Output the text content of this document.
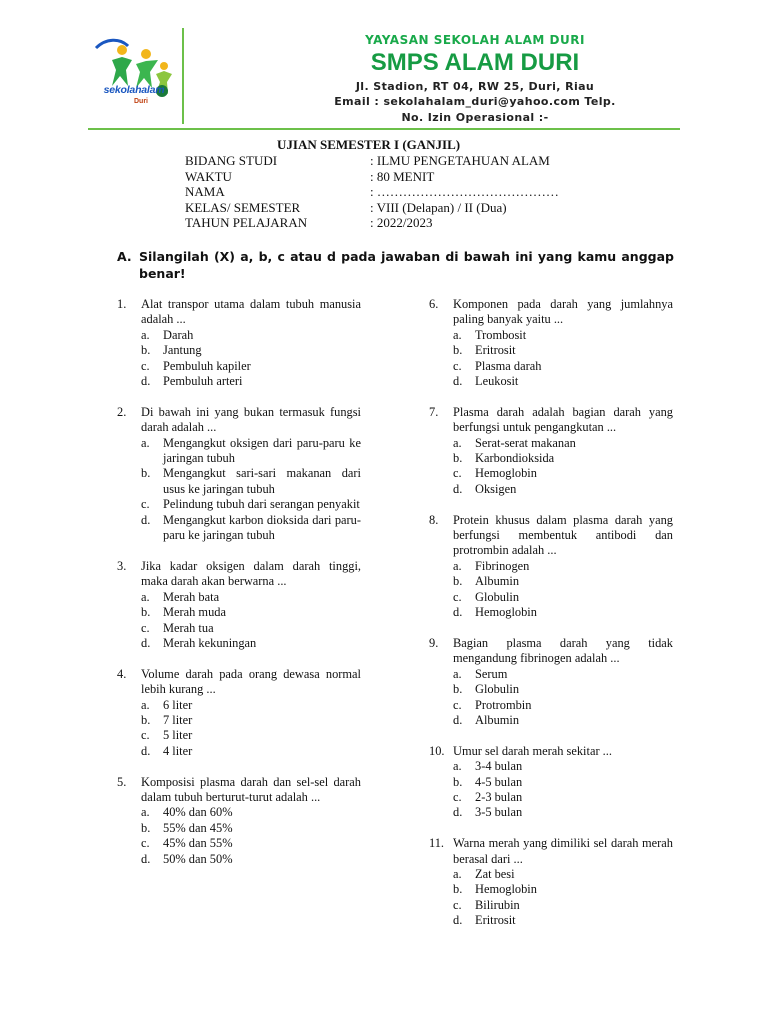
sekolahalam
Duri
YAYASAN SEKOLAH ALAM DURI
SMPS ALAM DURI
Jl. Stadion, RT 04, RW 25, Duri, Riau
Email : sekolahalam_duri@yahoo.com Telp.
No. Izin Operasional :-
UJIAN SEMESTER I (GANJIL)
BIDANG STUDI	: ILMU PENGETAHUAN ALAM
WAKTU	: 80 MENIT
NAMA	: ……………………………………
KELAS/ SEMESTER	: VIII (Delapan) / II (Dua)
TAHUN PELAJARAN	: 2022/2023
A. Silangilah (X) a, b, c atau d pada jawaban di bawah ini yang kamu anggap benar!
1.	Alat transpor utama dalam tubuh manusia adalah ...
a.	Darah
b.	Jantung
c.	Pembuluh kapiler
d.	Pembuluh arteri
2.	Di bawah ini yang bukan termasuk fungsi darah adalah ...
a.	Mengangkut oksigen dari paru-paru ke jaringan tubuh
b.	Mengangkut sari-sari makanan dari usus ke jaringan tubuh
c.	Pelindung tubuh dari serangan penyakit
d.	Mengangkut karbon dioksida dari paru-paru ke jaringan tubuh
3.	Jika kadar oksigen dalam darah tinggi, maka darah akan berwarna ...
a.	Merah bata
b.	Merah muda
c.	Merah tua
d.	Merah kekuningan
4.	Volume darah pada orang dewasa normal lebih kurang ...
a.	6 liter
b.	7 liter
c.	5 liter
d.	4 liter
5.	Komposisi plasma darah dan sel-sel darah dalam tubuh berturut-turut adalah ...
a.	40% dan 60%
b.	55% dan 45%
c.	45% dan 55%
d.	50% dan 50%
6.	Komponen pada darah yang jumlahnya paling banyak yaitu ...
a.	Trombosit
b.	Eritrosit
c.	Plasma darah
d.	Leukosit
7.	Plasma darah adalah bagian darah yang berfungsi untuk pengangkutan ...
a.	Serat-serat makanan
b.	Karbondioksida
c.	Hemoglobin
d.	Oksigen
8.	Protein khusus dalam plasma darah yang berfungsi membentuk antibodi dan protrombin adalah ...
a.	Fibrinogen
b.	Albumin
c.	Globulin
d.	Hemoglobin
9.	Bagian plasma darah yang tidak mengandung fibrinogen adalah ...
a.	Serum
b.	Globulin
c.	Protrombin
d.	Albumin
10. Umur sel darah merah sekitar ...
a.	3-4 bulan
b.	4-5 bulan
c.	2-3 bulan
d.	3-5 bulan
11. Warna merah yang dimiliki sel darah merah berasal dari ...
a.	Zat besi
b.	Hemoglobin
c.	Bilirubin
d.	Eritrosit
